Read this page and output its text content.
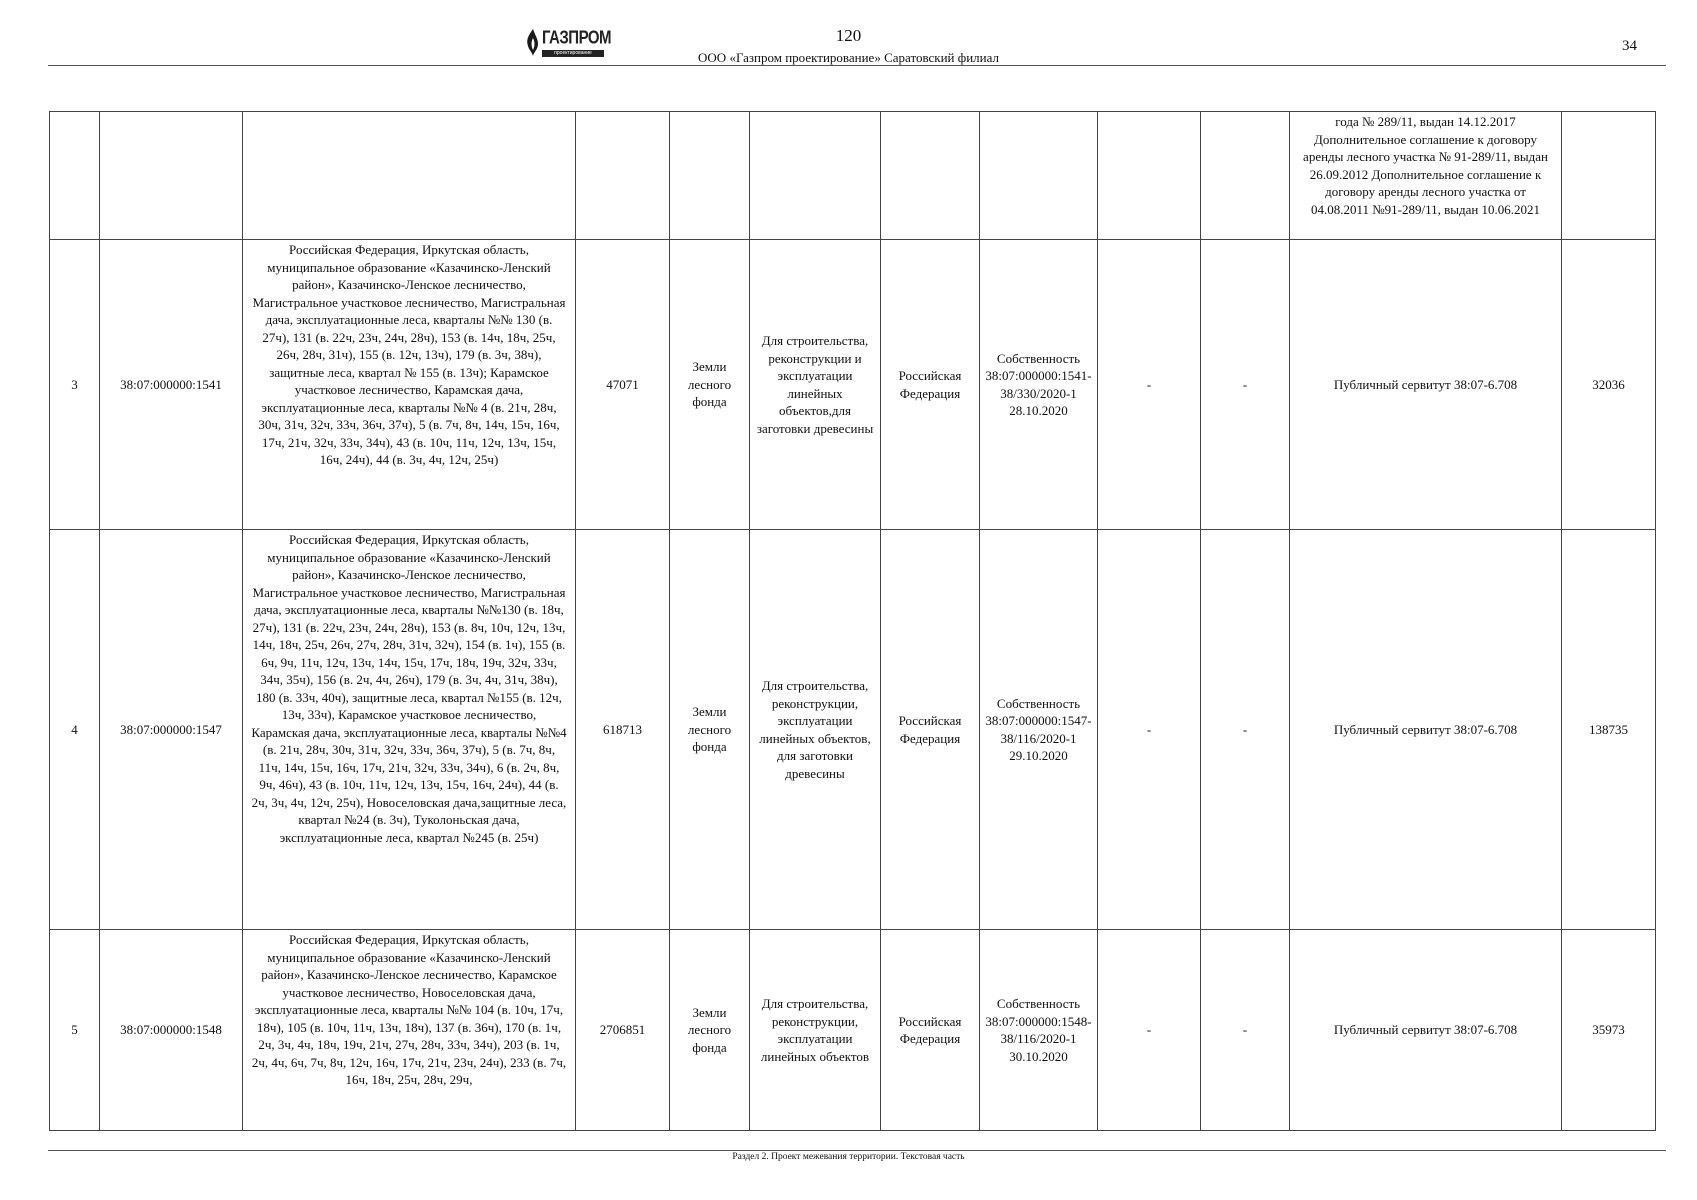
ГАЗПРОМ
проектирование
120
ООО «Газпром проектирование» Саратовский филиал
34
										года № 289/11, выдан 14.12.2017 Дополнительное соглашение к договору аренды лесного участка № 91-289/11, выдан 26.09.2012 Дополнительное соглашение к договору аренды лесного участка от 04.08.2011 №91-289/11, выдан 10.06.2021	
3	38:07:000000:1541	Российская Федерация, Иркутская область, муниципальное образование «Казачинско-Ленский район», Казачинско-Ленское лесничество, Магистральное участковое лесничество, Магистральная дача, эксплуатационные леса, кварталы №№ 130 (в. 27ч), 131 (в. 22ч, 23ч, 24ч, 28ч), 153 (в. 14ч, 18ч, 25ч, 26ч, 28ч, 31ч), 155 (в. 12ч, 13ч), 179 (в. 3ч, 38ч), защитные леса, квартал № 155 (в. 13ч); Карамское участковое лесничество, Карамская дача, эксплуатационные леса, кварталы №№ 4 (в. 21ч, 28ч, 30ч, 31ч, 32ч, 33ч, 36ч, 37ч), 5 (в. 7ч, 8ч, 14ч, 15ч, 16ч, 17ч, 21ч, 32ч, 33ч, 34ч), 43 (в. 10ч, 11ч, 12ч, 13ч, 15ч, 16ч, 24ч), 44 (в. 3ч, 4ч, 12ч, 25ч)	47071	Земли лесного фонда	Для строительства, реконструкции и эксплуатации линейных объектов,для заготовки древесины	Российская Федерация	Собственность 38:07:000000:1541-38/330/2020-1 28.10.2020	-	-	Публичный сервитут 38:07-6.708	32036
4	38:07:000000:1547	Российская Федерация, Иркутская область, муниципальное образование «Казачинско-Ленский район», Казачинско-Ленское лесничество, Магистральное участковое лесничество, Магистральная дача, эксплуатационные леса, кварталы №№130 (в. 18ч, 27ч), 131 (в. 22ч, 23ч, 24ч, 28ч), 153 (в. 8ч, 10ч, 12ч, 13ч, 14ч, 18ч, 25ч, 26ч, 27ч, 28ч, 31ч, 32ч), 154 (в. 1ч), 155 (в. 6ч, 9ч, 11ч, 12ч, 13ч, 14ч, 15ч, 17ч, 18ч, 19ч, 32ч, 33ч, 34ч, 35ч), 156 (в. 2ч, 4ч, 26ч), 179 (в. 3ч, 4ч, 31ч, 38ч), 180 (в. 33ч, 40ч), защитные леса, квартал №155 (в. 12ч, 13ч, 33ч), Карамское участковое лесничество, Карамская дача, эксплуатационные леса, кварталы №№4 (в. 21ч, 28ч, 30ч, 31ч, 32ч, 33ч, 36ч, 37ч), 5 (в. 7ч, 8ч, 11ч, 14ч, 15ч, 16ч, 17ч, 21ч, 32ч, 33ч, 34ч), 6 (в. 2ч, 8ч, 9ч, 46ч), 43 (в. 10ч, 11ч, 12ч, 13ч, 15ч, 16ч, 24ч), 44 (в. 2ч, 3ч, 4ч, 12ч, 25ч), Новоселовская дача,защитные леса, квартал №24 (в. 3ч), Туколоньская дача, эксплуатационные леса, квартал №245 (в. 25ч)	618713	Земли лесного фонда	Для строительства, реконструкции, эксплуатации линейных объектов, для заготовки древесины	Российская Федерация	Собственность 38:07:000000:1547-38/116/2020-1 29.10.2020	-	-	Публичный сервитут 38:07-6.708	138735
5	38:07:000000:1548	Российская Федерация, Иркутская область, муниципальное образование «Казачинско-Ленский район», Казачинско-Ленское лесничество, Карамское участковое лесничество, Новоселовская дача, эксплуатационные леса, кварталы №№ 104 (в. 10ч, 17ч, 18ч), 105 (в. 10ч, 11ч, 13ч, 18ч), 137 (в. 36ч), 170 (в. 1ч, 2ч, 3ч, 4ч, 18ч, 19ч, 21ч, 27ч, 28ч, 33ч, 34ч), 203 (в. 1ч, 2ч, 4ч, 6ч, 7ч, 8ч, 12ч, 16ч, 17ч, 21ч, 23ч, 24ч), 233 (в. 7ч, 16ч, 18ч, 25ч, 28ч, 29ч,	2706851	Земли лесного фонда	Для строительства, реконструкции, эксплуатации линейных объектов	Российская Федерация	Собственность 38:07:000000:1548-38/116/2020-1 30.10.2020	-	-	Публичный сервитут 38:07-6.708	35973
Раздел 2. Проект межевания территории. Текстовая часть
